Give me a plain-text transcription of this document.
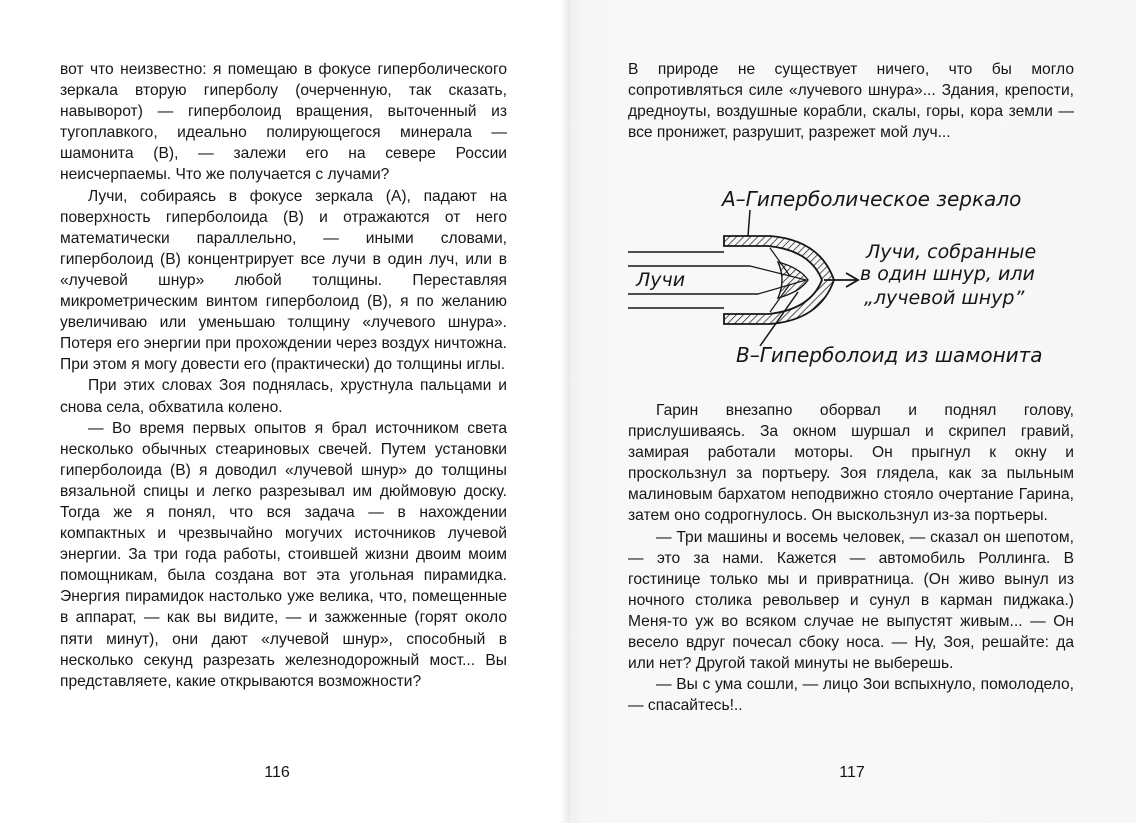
вот что неизвестно: я помещаю в фокусе гиперболического зеркала вторую гиперболу (очерченную, так сказать, навыворот) — гиперболоид вращения, выточенный из тугоплавкого, идеально полирующегося минерала — шамонита (В), — залежи его на севере России неисчерпаемы. Что же получается с лучами?

Лучи, собираясь в фокусе зеркала (А), падают на поверхность гиперболоида (В) и отражаются от него математически параллельно, — иными словами, гиперболоид (В) концентрирует все лучи в один луч, или в «лучевой шнур» любой толщины. Переставляя микрометрическим винтом гиперболоид (В), я по желанию увеличиваю или уменьшаю толщину «лучевого шнура». Потеря его энергии при прохождении через воздух ничтожна. При этом я могу довести его (практически) до толщины иглы.

При этих словах Зоя поднялась, хрустнула пальцами и снова села, обхватила колено.

— Во время первых опытов я брал источником света несколько обычных стеариновых свечей. Путем установки гиперболоида (В) я доводил «лучевой шнур» до толщины вязальной спицы и легко разрезывал им дюймовую доску. Тогда же я понял, что вся задача — в нахождении компактных и чрезвычайно могучих источников лучевой энергии. За три года работы, стоившей жизни двоим моим помощникам, была создана вот эта угольная пирамидка. Энергия пирамидок настолько уже велика, что, помещенные в аппарат, — как вы видите, — и зажженные (горят около пяти минут), они дают «лучевой шнур», способный в несколько секунд разрезать железнодорожный мост... Вы представляете, какие открываются возможности?

116

В природе не существует ничего, что бы могло сопротивляться силе «лучевого шнура»... Здания, крепости, дредноуты, воздушные корабли, скалы, горы, кора земли — все пронижет, разрушит, разрежет мой луч...

А–Гиперболическое зеркало
Лучи
Лучи, собранные
в один шнур, или
„лучевой шнур”
В–Гиперболоид из шамонита

Гарин внезапно оборвал и поднял голову, прислушиваясь. За окном шуршал и скрипел гравий, замирая работали моторы. Он прыгнул к окну и проскользнул за портьеру. Зоя глядела, как за пыльным малиновым бархатом неподвижно стояло очертание Гарина, затем оно содрогнулось. Он выскользнул из-за портьеры.

— Три машины и восемь человек, — сказал он шепотом, — это за нами. Кажется — автомобиль Роллинга. В гостинице только мы и привратница. (Он живо вынул из ночного столика револьвер и сунул в карман пиджака.) Меня-то уж во всяком случае не выпустят живым... — Он весело вдруг почесал сбоку носа. — Ну, Зоя, решайте: да или нет? Другой такой минуты не выберешь.

— Вы с ума сошли, — лицо Зои вспыхнуло, помолодело, — спасайтесь!..

117
